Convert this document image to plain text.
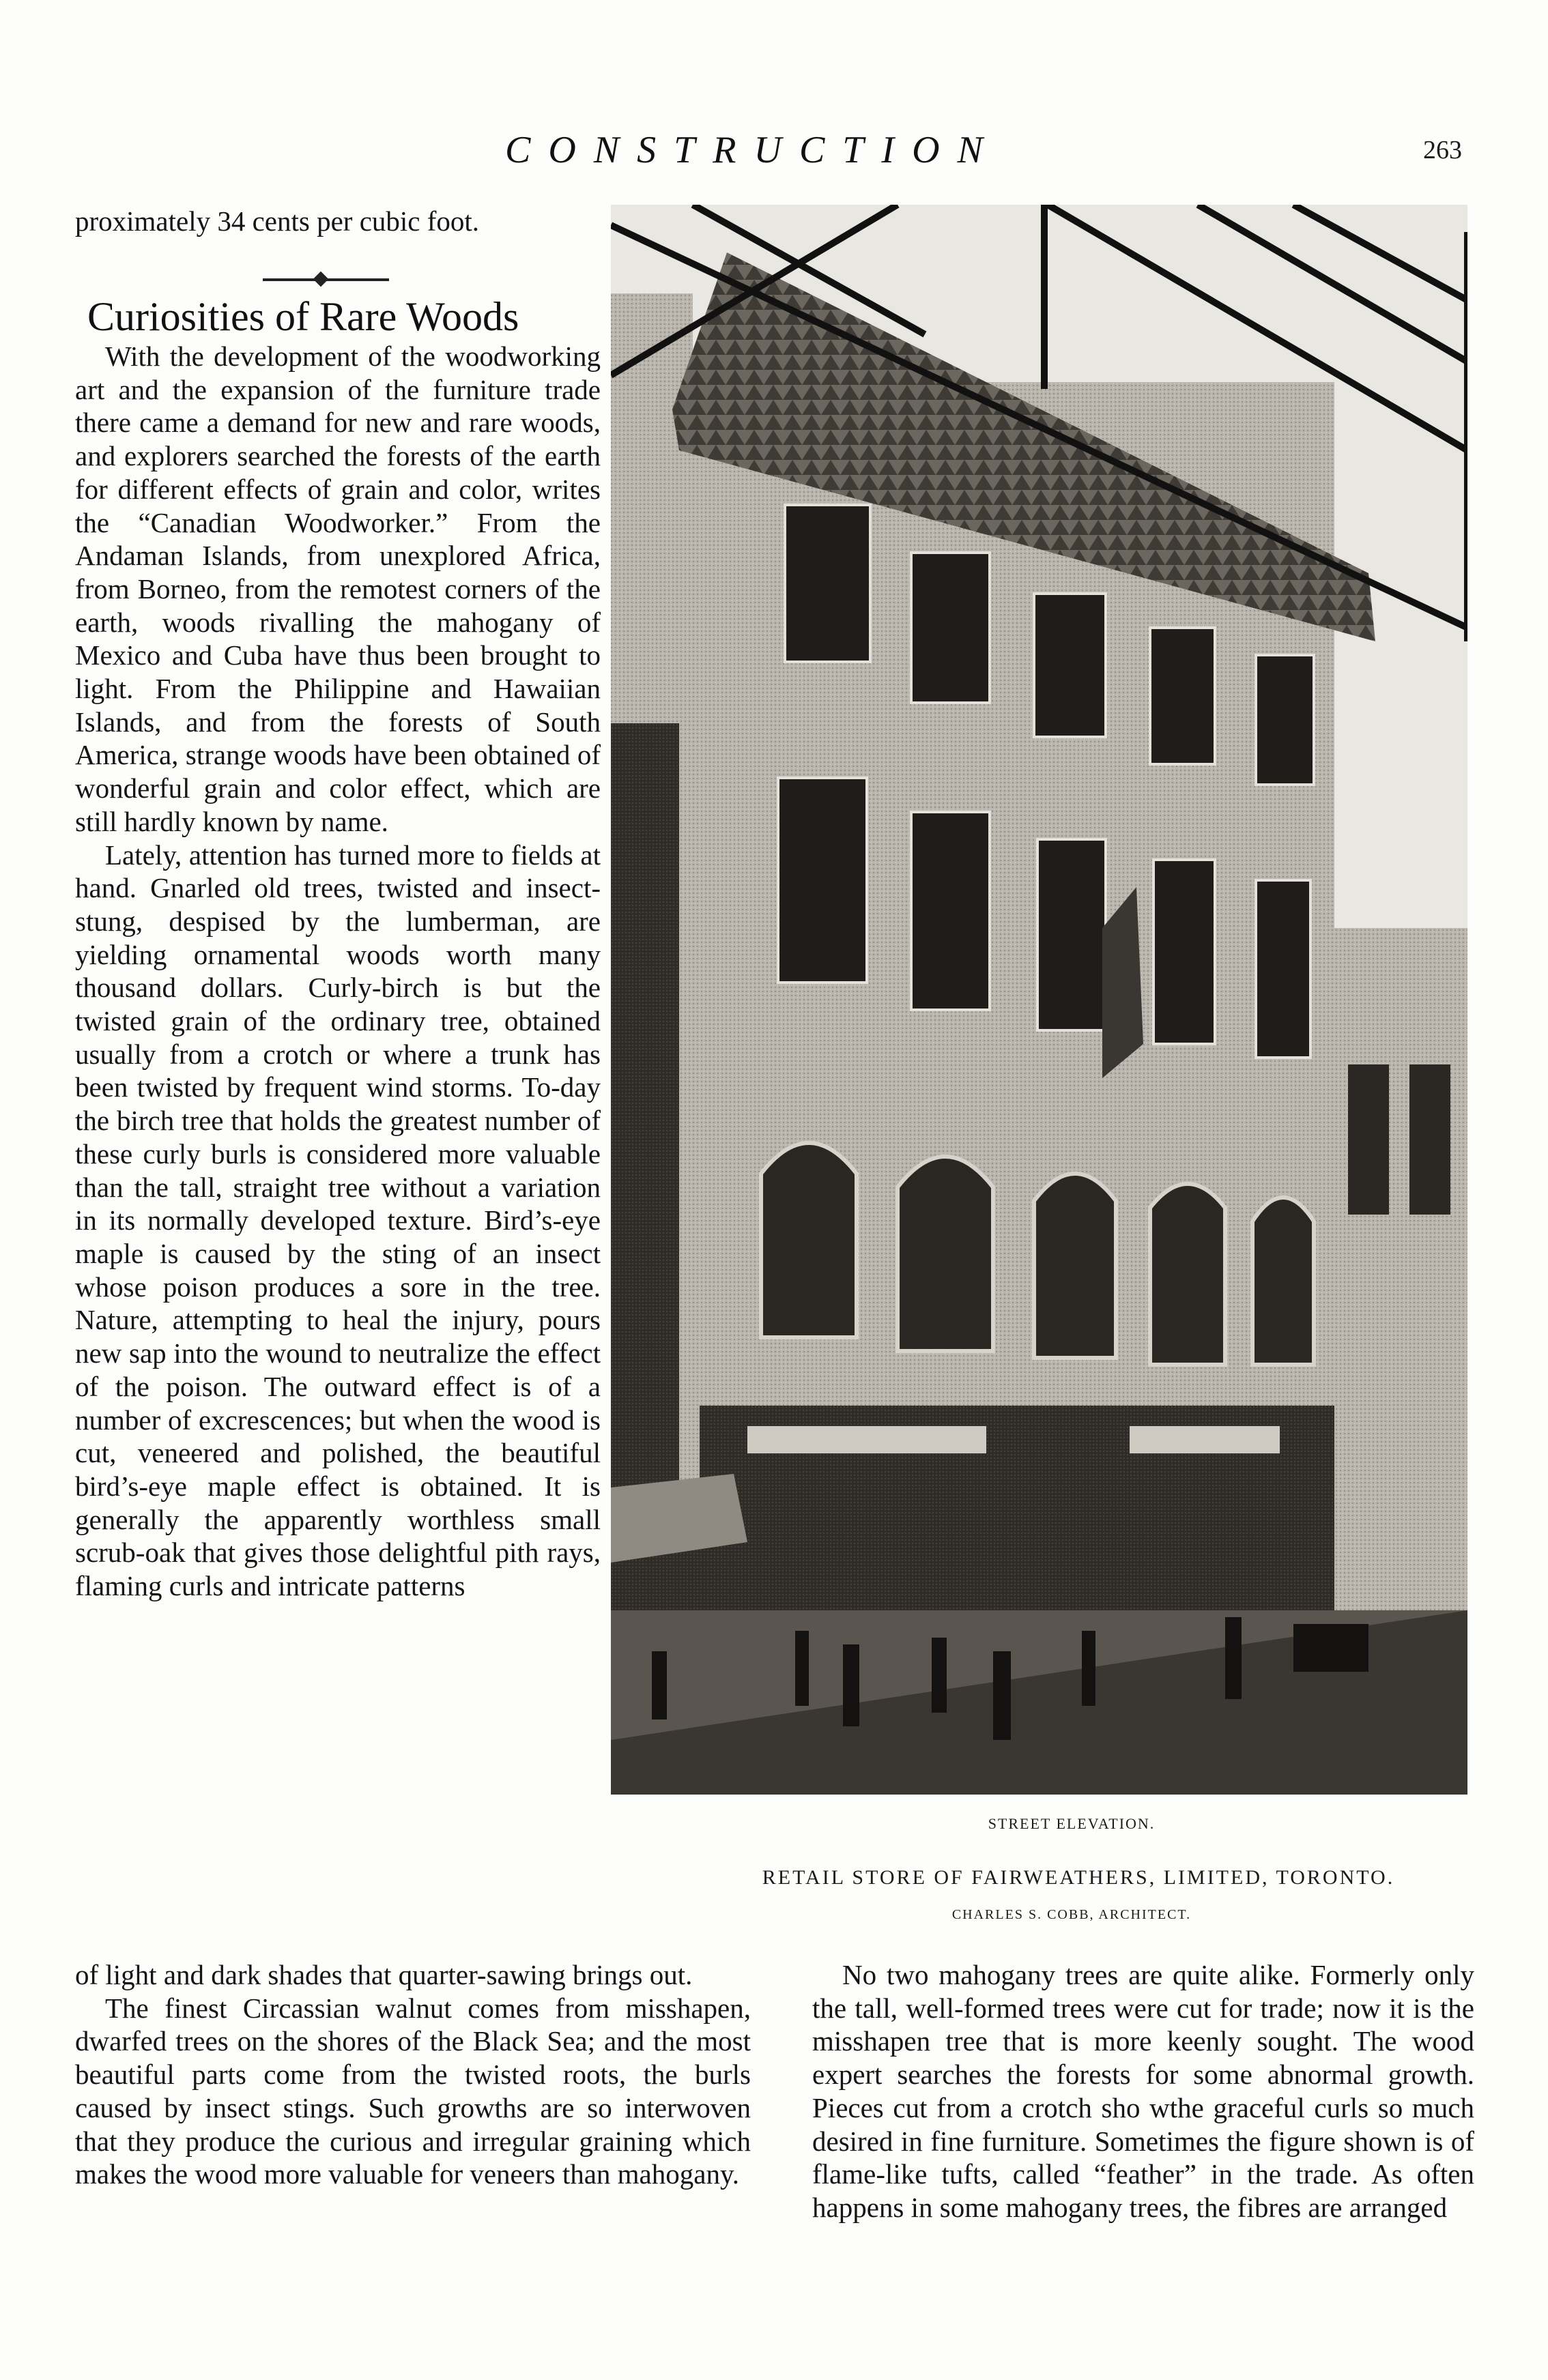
CONSTRUCTION	263

proximately 34 cents per cubic foot.

Curiosities of Rare Woods

With the development of the woodworking art and the expansion of the furniture trade there came a demand for new and rare woods, and explorers searched the forests of the earth for different effects of grain and color, writes the “Canadian Woodworker.” From the Andaman Islands, from unexplored Africa, from Borneo, from the remotest corners of the earth, woods rivalling the mahogany of Mexico and Cuba have thus been brought to light. From the Philippine and Hawaiian Islands, and from the forests of South America, strange woods have been obtained of wonderful grain and color effect, which are still hardly known by name.

Lately, attention has turned more to fields at hand. Gnarled old trees, twisted and insect-stung, despised by the lumberman, are yielding ornamental woods worth many thousand dollars. Curly-birch is but the twisted grain of the ordinary tree, obtained usually from a crotch or where a trunk has been twisted by frequent wind storms. To-day the birch tree that holds the greatest number of these curly burls is considered more valuable than the tall, straight tree without a variation in its normally developed texture. Bird’s-eye maple is caused by the sting of an insect whose poison produces a sore in the tree. Nature, attempting to heal the injury, pours new sap into the wound to neutralize the effect of the poison. The outward effect is of a number of excrescences; but when the wood is cut, veneered and polished, the beautiful bird’s-eye maple effect is obtained. It is generally the apparently worthless small scrub-oak that gives those delightful pith rays, flaming curls and intricate patterns

STREET ELEVATION.
RETAIL STORE OF FAIRWEATHERS, LIMITED, TORONTO.
CHARLES S. COBB, ARCHITECT.

of light and dark shades that quarter-sawing brings out.

The finest Circassian walnut comes from misshapen, dwarfed trees on the shores of the Black Sea; and the most beautiful parts come from the twisted roots, the burls caused by insect stings. Such growths are so interwoven that they produce the curious and irregular graining which makes the wood more valuable for veneers than mahogany.

No two mahogany trees are quite alike. Formerly only the tall, well-formed trees were cut for trade; now it is the misshapen tree that is more keenly sought. The wood expert searches the forests for some abnormal growth. Pieces cut from a crotch sho wthe graceful curls so much desired in fine furniture. Sometimes the figure shown is of flame-like tufts, called “feather” in the trade. As often happens in some mahogany trees, the fibres are arranged
